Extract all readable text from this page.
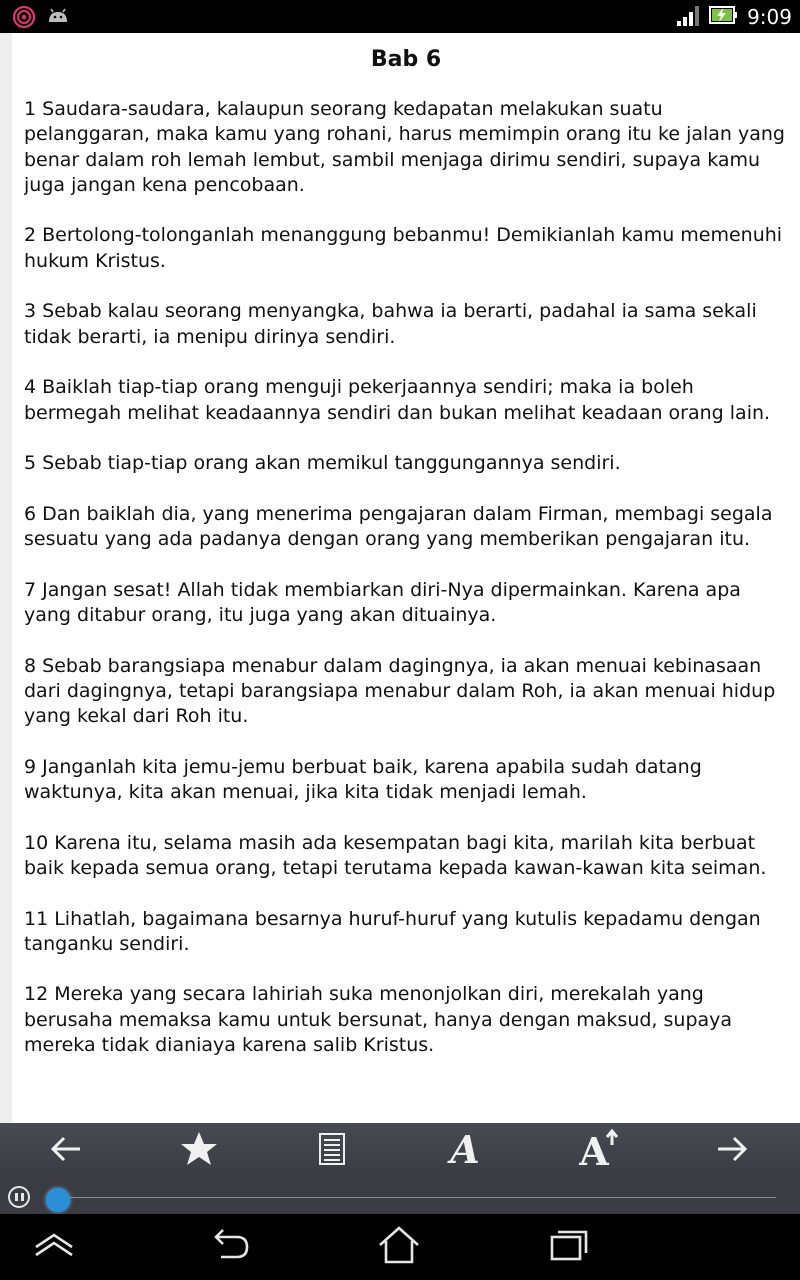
9:09
Bab 6

1 Saudara-saudara, kalaupun seorang kedapatan melakukan suatu pelanggaran, maka kamu yang rohani, harus memimpin orang itu ke jalan yang benar dalam roh lemah lembut, sambil menjaga dirimu sendiri, supaya kamu juga jangan kena pencobaan.

2 Bertolong-tolonganlah menanggung bebanmu! Demikianlah kamu memenuhi hukum Kristus.

3 Sebab kalau seorang menyangka, bahwa ia berarti, padahal ia sama sekali tidak berarti, ia menipu dirinya sendiri.

4 Baiklah tiap-tiap orang menguji pekerjaannya sendiri; maka ia boleh bermegah melihat keadaannya sendiri dan bukan melihat keadaan orang lain.

5 Sebab tiap-tiap orang akan memikul tanggungannya sendiri.

6 Dan baiklah dia, yang menerima pengajaran dalam Firman, membagi segala sesuatu yang ada padanya dengan orang yang memberikan pengajaran itu.

7 Jangan sesat! Allah tidak membiarkan diri-Nya dipermainkan. Karena apa yang ditabur orang, itu juga yang akan dituainya.

8 Sebab barangsiapa menabur dalam dagingnya, ia akan menuai kebinasaan dari dagingnya, tetapi barangsiapa menabur dalam Roh, ia akan menuai hidup yang kekal dari Roh itu.

9 Janganlah kita jemu-jemu berbuat baik, karena apabila sudah datang waktunya, kita akan menuai, jika kita tidak menjadi lemah.

10 Karena itu, selama masih ada kesempatan bagi kita, marilah kita berbuat baik kepada semua orang, tetapi terutama kepada kawan-kawan kita seiman.

11 Lihatlah, bagaimana besarnya huruf-huruf yang kutulis kepadamu dengan tanganku sendiri.

12 Mereka yang secara lahiriah suka menonjolkan diri, merekalah yang berusaha memaksa kamu untuk bersunat, hanya dengan maksud, supaya mereka tidak dianiaya karena salib Kristus.

A	A
